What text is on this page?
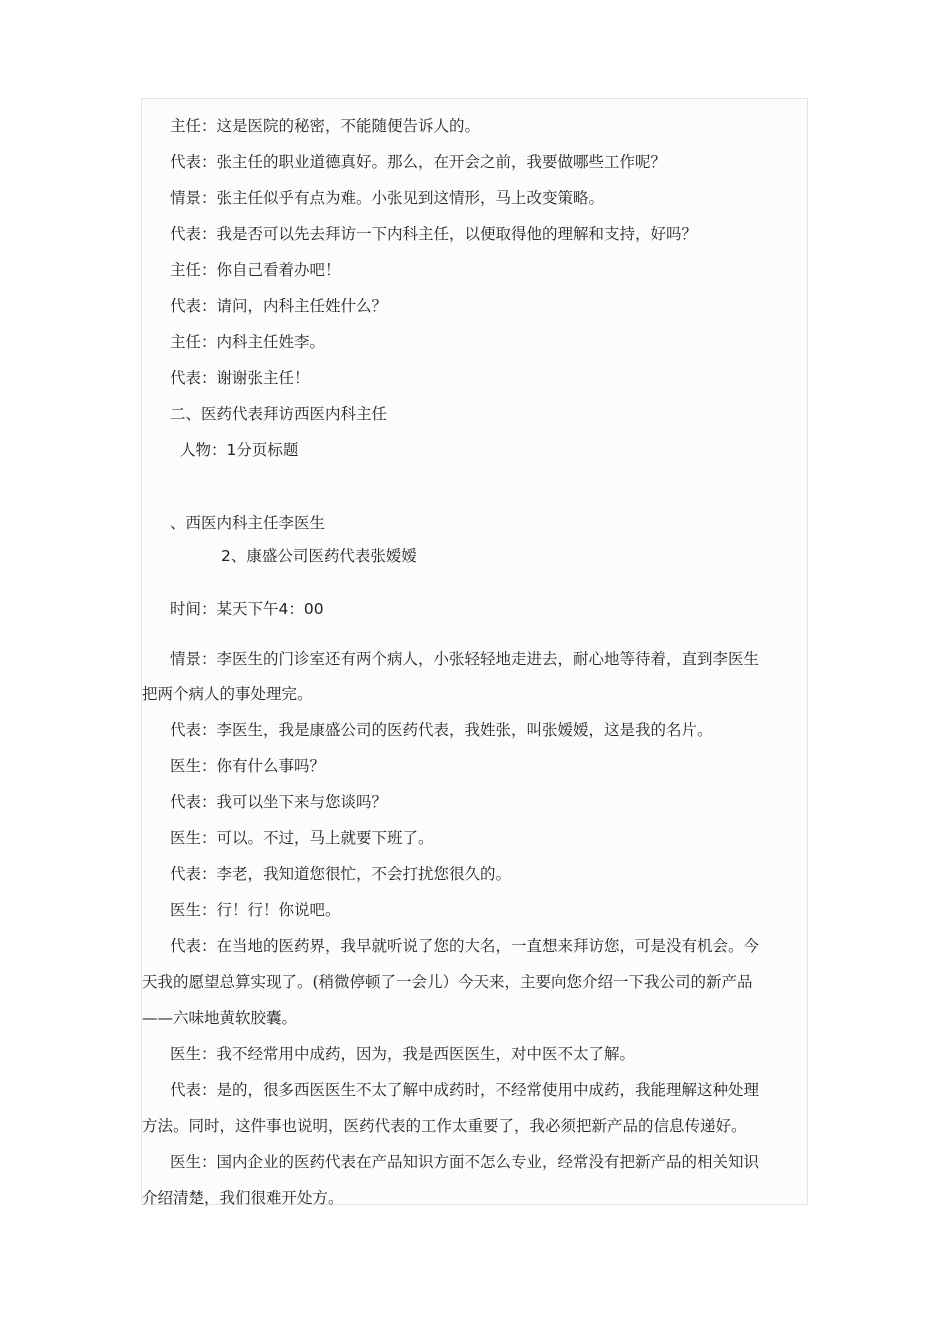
主任：这是医院的秘密，不能随便告诉人的。
代表：张主任的职业道德真好。那么，在开会之前，我要做哪些工作呢？
情景：张主任似乎有点为难。小张见到这情形，马上改变策略。
代表：我是否可以先去拜访一下内科主任，以便取得他的理解和支持，好吗？
主任：你自己看着办吧！
代表：请问，内科主任姓什么？
主任：内科主任姓李。
代表：谢谢张主任！
二、医药代表拜访西医内科主任
人物：1分页标题
、西医内科主任李医生
2、康盛公司医药代表张嫒嫒
时间：某天下午4：00
情景：李医生的门诊室还有两个病人，小张轻轻地走进去，耐心地等待着，直到李医生
把两个病人的事处理完。
代表：李医生，我是康盛公司的医药代表，我姓张，叫张嫒嫒，这是我的名片。
医生：你有什么事吗？
代表：我可以坐下来与您谈吗？
医生：可以。不过，马上就要下班了。
代表：李老，我知道您很忙，不会打扰您很久的。
医生：行！行！你说吧。
代表：在当地的医药界，我早就听说了您的大名，一直想来拜访您，可是没有机会。今
天我的愿望总算实现了。(稍微停顿了一会儿）今天来，主要向您介绍一下我公司的新产品
——六味地黄软胶囊。
医生：我不经常用中成药，因为，我是西医医生，对中医不太了解。
代表：是的，很多西医医生不太了解中成药时，不经常使用中成药，我能理解这种处理
方法。同时，这件事也说明，医药代表的工作太重要了，我必须把新产品的信息传递好。
医生：国内企业的医药代表在产品知识方面不怎么专业，经常没有把新产品的相关知识
介绍清楚，我们很难开处方。
